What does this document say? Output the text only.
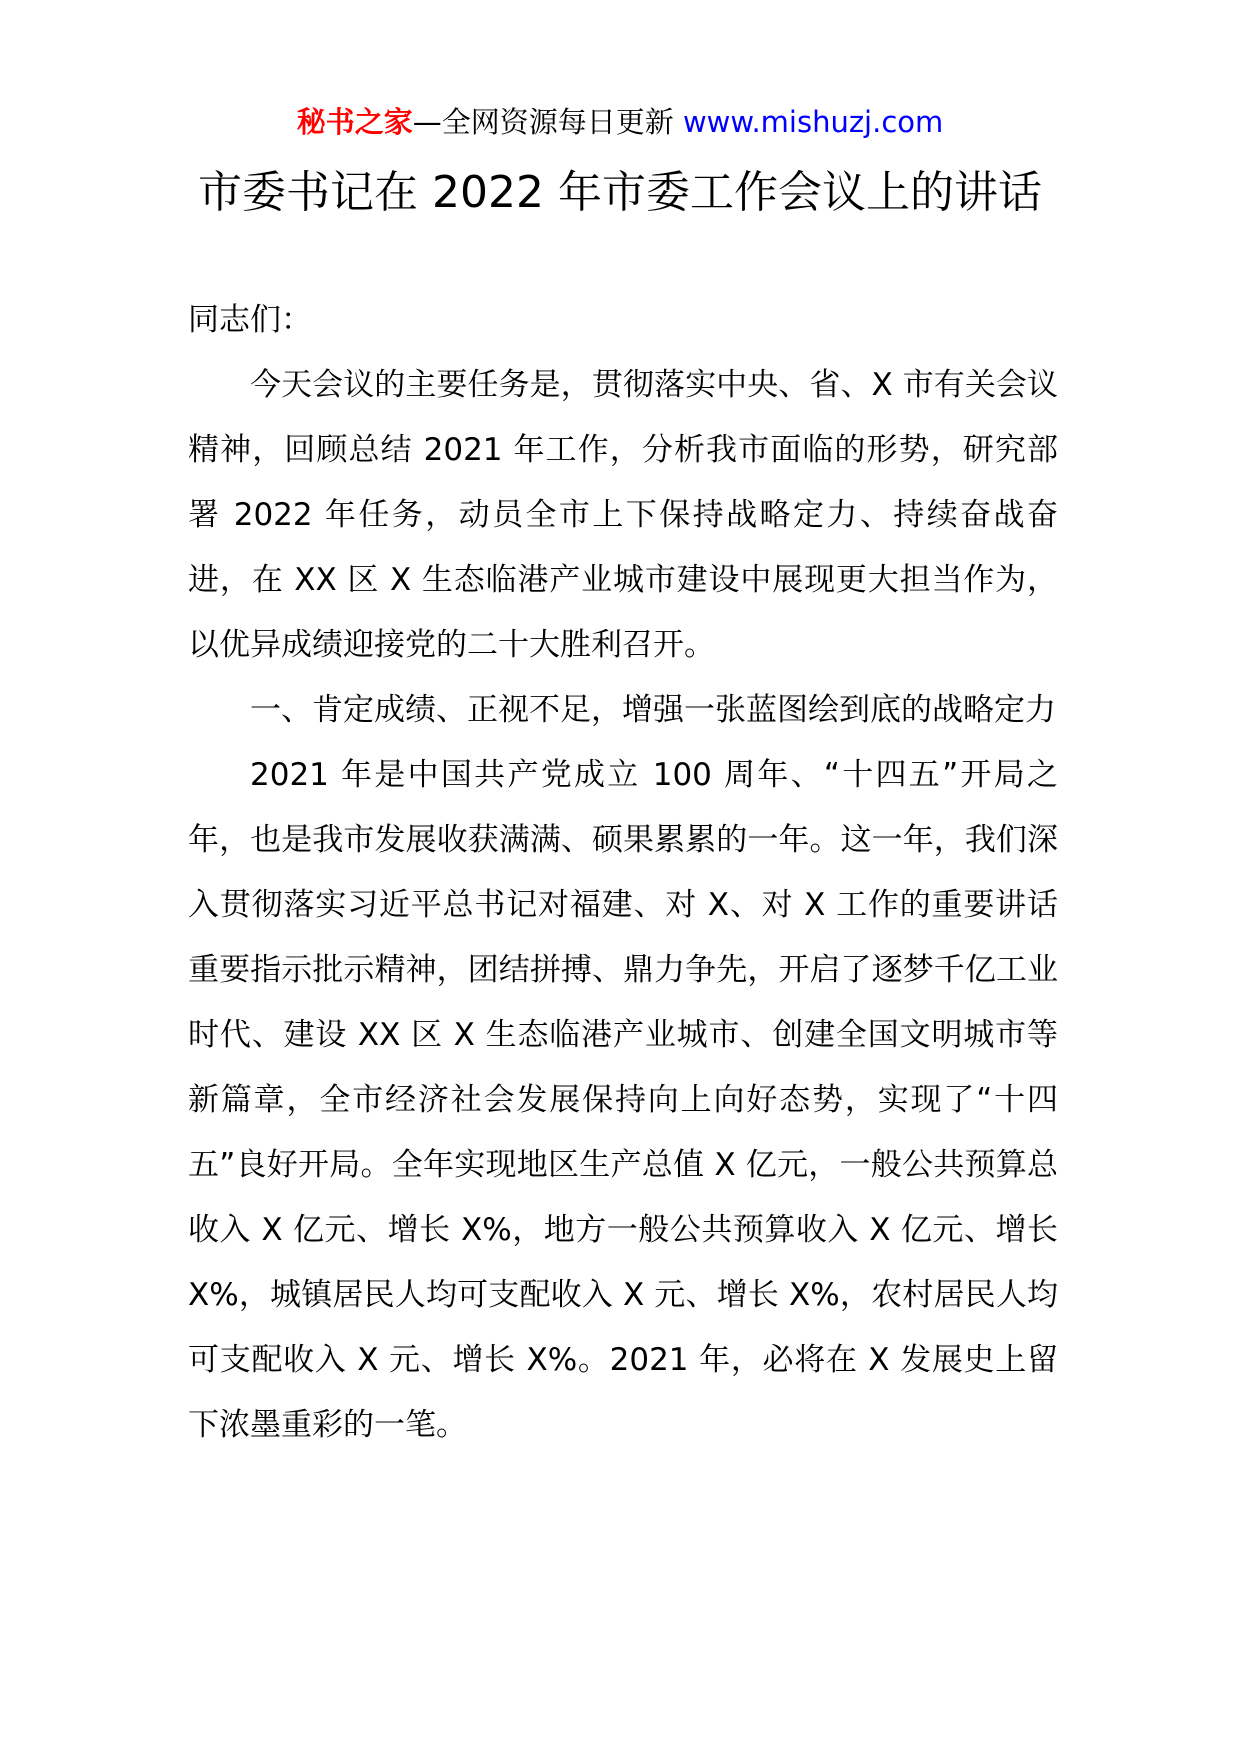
秘书之家—全网资源每日更新 www.mishuzj.com
市委书记在 2022 年市委工作会议上的讲话

同志们：

今天会议的主要任务是，贯彻落实中央、省、X 市有关会议精神，回顾总结 2021 年工作，分析我市面临的形势，研究部署 2022 年任务，动员全市上下保持战略定力、持续奋战奋进，在 XX 区 X 生态临港产业城市建设中展现更大担当作为，以优异成绩迎接党的二十大胜利召开。

一、肯定成绩、正视不足，增强一张蓝图绘到底的战略定力

2021 年是中国共产党成立 100 周年、“十四五”开局之年，也是我市发展收获满满、硕果累累的一年。这一年，我们深入贯彻落实习近平总书记对福建、对 X、对 X 工作的重要讲话重要指示批示精神，团结拼搏、鼎力争先，开启了逐梦千亿工业时代、建设 XX 区 X 生态临港产业城市、创建全国文明城市等新篇章，全市经济社会发展保持向上向好态势，实现了“十四五”良好开局。全年实现地区生产总值 X 亿元，一般公共预算总收入 X 亿元、增长 X%，地方一般公共预算收入 X 亿元、增长 X%，城镇居民人均可支配收入 X 元、增长 X%，农村居民人均可支配收入 X 元、增长 X%。2021 年，必将在 X 发展史上留下浓墨重彩的一笔。
